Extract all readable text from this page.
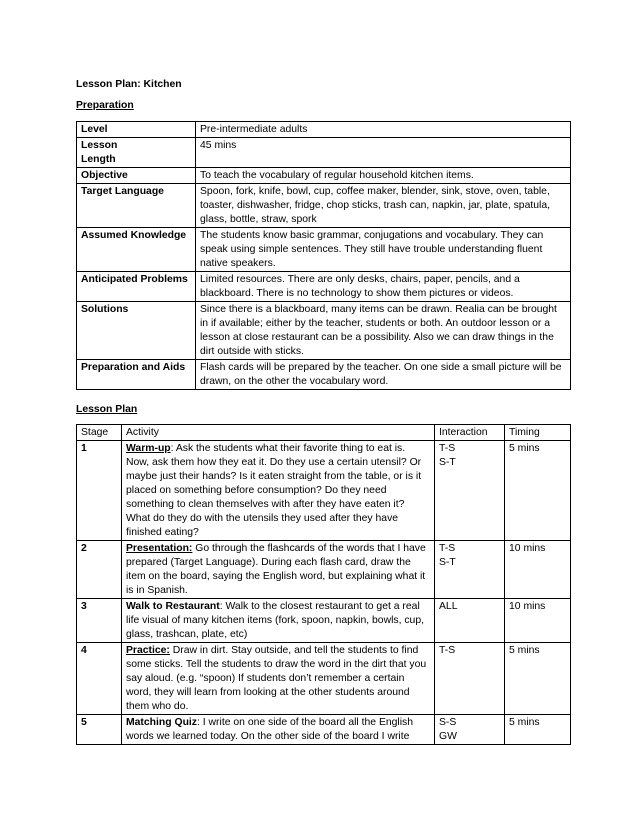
Lesson Plan: Kitchen
Preparation
Level	Pre-intermediate adults

Lesson Length	45 mins
Objective	To teach the vocabulary of regular household kitchen items.
Target Language	Spoon, fork, knife, bowl, cup, coffee maker, blender, sink, stove, oven, table, toaster, dishwasher, fridge, chop sticks, trash can, napkin, jar, plate, spatula, glass, bottle, straw, spork
Assumed Knowledge	The students know basic grammar, conjugations and vocabulary. They can speak using simple sentences. They still have trouble understanding fluent native speakers.
Anticipated Problems	Limited resources. There are only desks, chairs, paper, pencils, and a blackboard. There is no technology to show them pictures or videos.
Solutions	Since there is a blackboard, many items can be drawn. Realia can be brought in if available; either by the teacher, students or both. An outdoor lesson or a lesson at close restaurant can be a possibility. Also we can draw things in the dirt outside with sticks.
Preparation and Aids	Flash cards will be prepared by the teacher. On one side a small picture will be drawn, on the other the vocabulary word.
Lesson Plan
Stage	Activity	Interaction	Timing
1	Warm-up: Ask the students what their favorite thing to eat is. Now, ask them how they eat it. Do they use a certain utensil? Or maybe just their hands? Is it eaten straight from the table, or is it placed on something before consumption? Do they need something to clean themselves with after they have eaten it? What do they do with the utensils they used after they have finished eating?	T-S
S-T	5 mins
2	Presentation: Go through the flashcards of the words that I have prepared (Target Language). During each flash card, draw the item on the board, saying the English word, but explaining what it is in Spanish.	T-S
S-T	10 mins
3	Walk to Restaurant: Walk to the closest restaurant to get a real life visual of many kitchen items (fork, spoon, napkin, bowls, cup, glass, trashcan, plate, etc)	ALL	10 mins
4	Practice: Draw in dirt. Stay outside, and tell the students to find some sticks. Tell the students to draw the word in the dirt that you say aloud. (e.g. “spoon) If students don’t remember a certain word, they will learn from looking at the other students around them who do.	T-S	5 mins
5	Matching Quiz: I write on one side of the board all the English words we learned today. On the other side of the board I write	S-S
GW	5 mins
